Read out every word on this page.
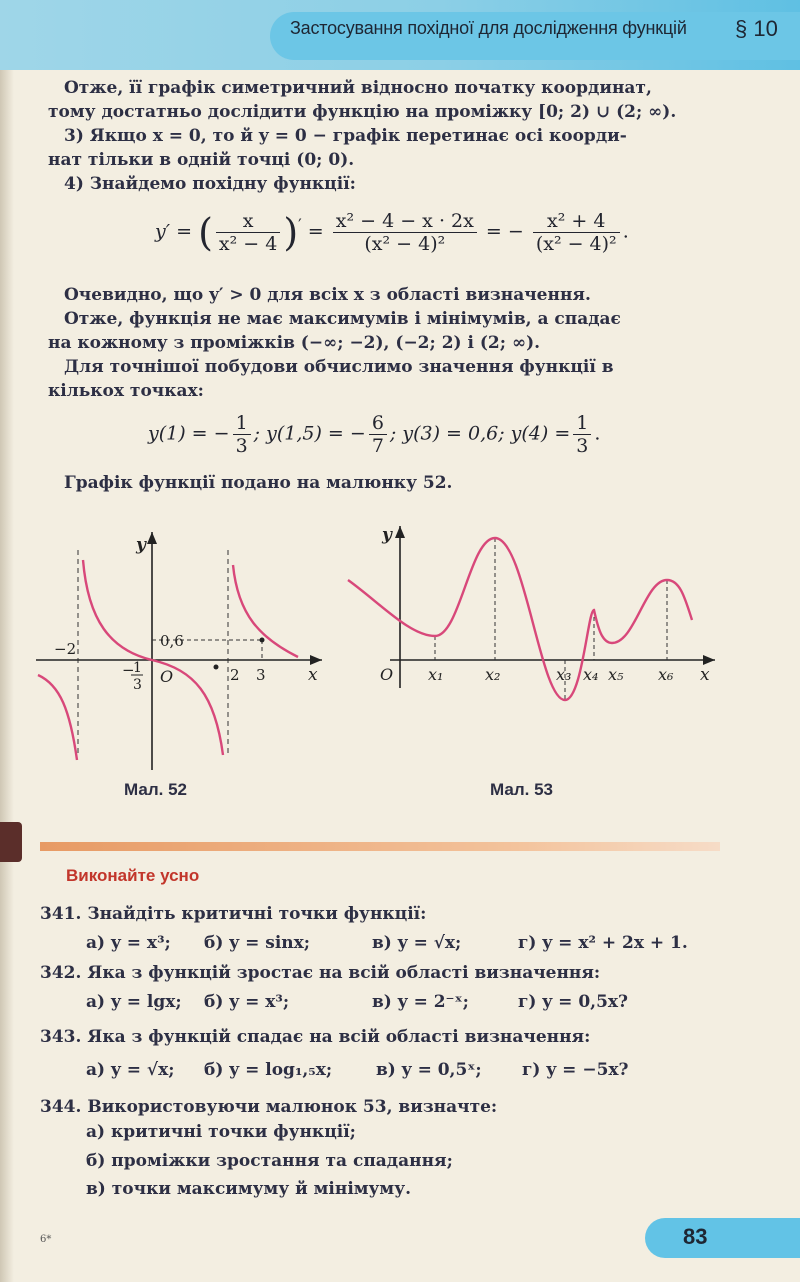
Застосування похідної для дослідження функцій § 10
Отже, її графік симетричний відносно початку координат,
тому достатньо дослідити функцію на проміжку [0; 2) ∪ (2; ∞).
3) Якщо x = 0, то й y = 0 − графік перетинає осі коорди-
нат тільки в одній точці (0; 0).
4) Знайдемо похідну функції:
y′ = ( $\frac{x}{\text{x² − 4}} )' = \frac{\text{x² − 4 − x · 2x}}{\text{(x² − 4)²}}$ = − $\frac{\text{x² + 4}}{\text{(x² − 4)²}}$ .
Очевидно, що y′ > 0 для всіх x з області визначення.
Отже, функція не має максимумів і мінімумів, а спадає
на кожному з проміжків (−∞; −2), (−2; 2) і (2; ∞).
Для точнішої побудови обчислимо значення функції в
кількох точках:
y(1) = − $\frac{1}{3}$ ; y(1,5) = − $\frac{6}{7}$ ; y(3) = 0,6; $y(4) = \frac{1}{3}$ .
Графік функції подано на малюнку 52.
y
x
O
−2
−
1
3
0,6
2 3
Мал. 52
y
x
O x₁	x₂	x₃ x₄ x₅ x₆
Мал. 53
Виконайте усно
341. Знайдіть критичні точки функції:
а) y = x³; б) y = sinx;	в) y = √x;	г) y = x² + 2x + 1.
342. Яка з функцій зростає на всій області визначення:
а) y = lgx; б) y = x³;	в) y = 2⁻ˣ;	г) y = 0,5x?
343. Яка з функцій спадає на всій області визначення:
а) y = √x; б) y = log₁,₅x;	в) y = 0,5ˣ; г) y = −5x?
344. Використовуючи малюнок 53, визначте:
а) критичні точки функції;
б) проміжки зростання та спадання;
в) точки максимуму й мінімуму.
6*	83
